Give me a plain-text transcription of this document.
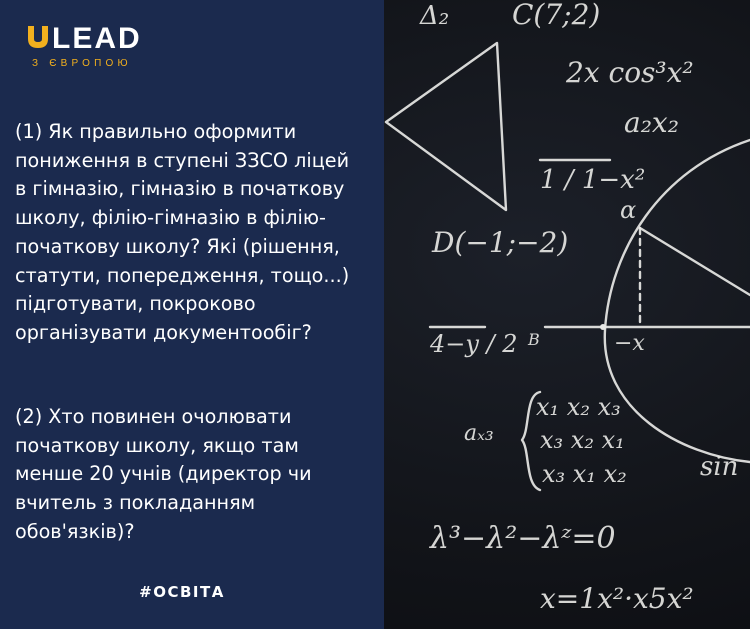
Δ₂ C(7;2)
2x cos³x²
a₂x₂
1 / 1−x²
D(−1;−2)
α
4−y / 2 B	−x
x₁ x₂ x₃
x₃ x₂ x₁
x₃ x₁ x₂
aₓ₃
sin
λ³−λ²−λᶻ=0
x=1x²·x5x²
LEAD
З ЄВРОПОЮ

(1) Як правильно оформити пониження в ступені ЗЗСО ліцей в гімназію, гімназію в початкову школу, філію-гімназію в філію-початкову школу? Які (рішення, статути, попередження, тощо...) підготувати, покроково організувати документообіг?

(2) Хто повинен очолювати початкову школу, якщо там менше 20 учнів (директор чи вчитель з покладанням обов'язків)?

#ОСВІТА
